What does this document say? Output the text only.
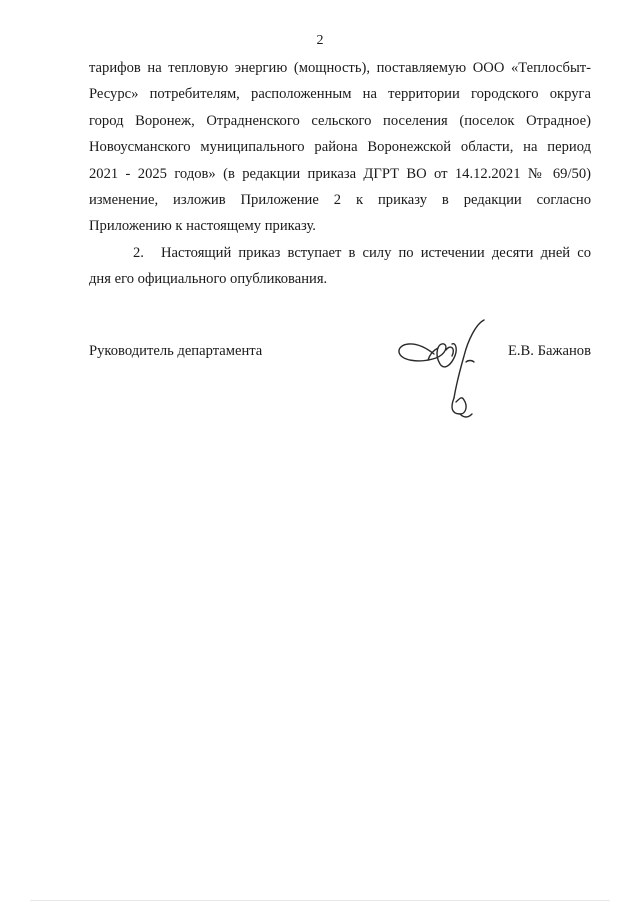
2
тарифов на тепловую энергию (мощность), поставляемую ООО «Теплосбыт-
Ресурс» потребителям, расположенным на территории городского округа
город Воронеж, Отрадненского сельского поселения (поселок Отрадное)
Новоусманского муниципального района Воронежской области, на период
2021 - 2025 годов» (в редакции приказа ДГРТ ВО от 14.12.2021 № 69/50)
изменение, изложив Приложение 2 к приказу в редакции согласно
Приложению к настоящему приказу.
2. Настоящий приказ вступает в силу по истечении десяти дней со
дня его официального опубликования.
Руководитель департамента	Е.В. Бажанов
